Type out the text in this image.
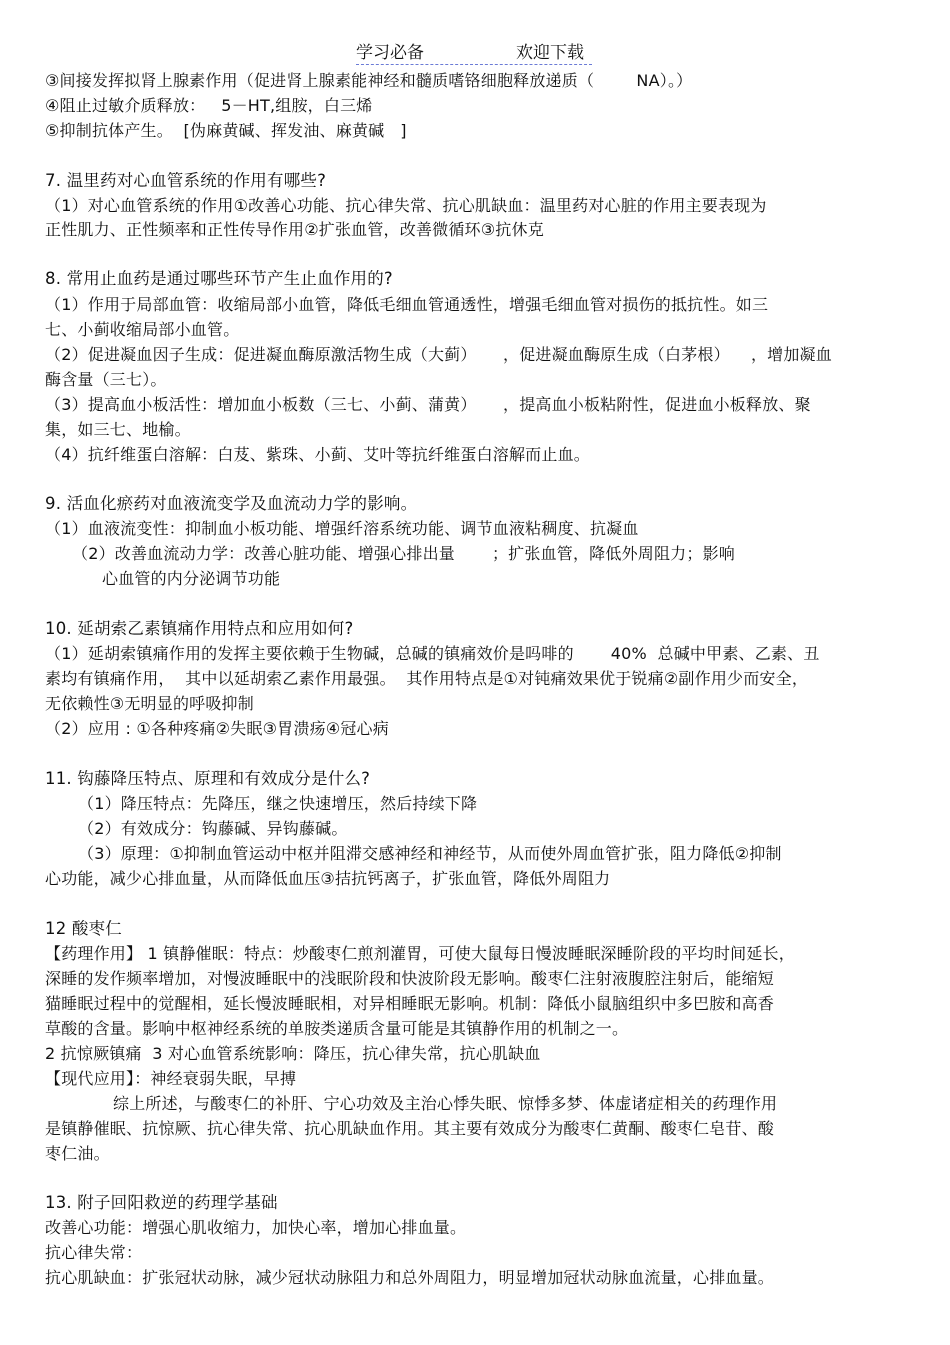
学习必备	欢迎下载
③间接发挥拟肾上腺素作用（促进肾上腺素能神经和髓质嗜铬细胞释放递质（        NA）。）
④阻止过敏介质释放：   5－HT,组胺，白三烯
⑤抑制抗体产生。  [伪麻黄碱、挥发油、麻黄碱   ]
7. 温里药对心血管系统的作用有哪些?
（1）对心血管系统的作用①改善心功能、抗心律失常、抗心肌缺血：温里药对心脏的作用主要表现为
正性肌力、正性频率和正性传导作用②扩张血管，改善微循环③抗休克
8. 常用止血药是通过哪些环节产生止血作用的?
（1）作用于局部血管：收缩局部小血管，降低毛细血管通透性，增强毛细血管对损伤的抵抗性。如三
七、小蓟收缩局部小血管。
（2）促进凝血因子生成：促进凝血酶原激活物生成（大蓟）     ，促进凝血酶原生成（白茅根）    ，增加凝血
酶含量（三七）。
（3）提高血小板活性：增加血小板数（三七、小蓟、蒲黄）     ，提高血小板粘附性，促进血小板释放、聚
集，如三七、地榆。
（4）抗纤维蛋白溶解：白芨、紫珠、小蓟、艾叶等抗纤维蛋白溶解而止血。
9. 活血化瘀药对血液流变学及血流动力学的影响。
（1）血液流变性：抑制血小板功能、增强纤溶系统功能、调节血液粘稠度、抗凝血
（2）改善血流动力学：改善心脏功能、增强心排出量       ；扩张血管，降低外周阻力；影响
心血管的内分泌调节功能
10. 延胡索乙素镇痛作用特点和应用如何?
（1）延胡索镇痛作用的发挥主要依赖于生物碱，总碱的镇痛效价是吗啡的       40%  总碱中甲素、乙素、丑
素均有镇痛作用，  其中以延胡索乙素作用最强。  其作用特点是①对钝痛效果优于锐痛②副作用少而安全，
无依赖性③无明显的呼吸抑制
（2）应用 : ①各种疼痛②失眠③胃溃疡④冠心病
11. 钩藤降压特点、原理和有效成分是什么?
（1）降压特点：先降压，继之快速增压，然后持续下降
（2）有效成分：钩藤碱、异钩藤碱。
（3）原理：①抑制血管运动中枢并阻滞交感神经和神经节，从而使外周血管扩张，阻力降低②抑制
心功能，减少心排血量，从而降低血压③拮抗钙离子，扩张血管，降低外周阻力
12 酸枣仁
【药理作用】 1 镇静催眠：特点：炒酸枣仁煎剂灌胃，可使大鼠每日慢波睡眠深睡阶段的平均时间延长，
深睡的发作频率增加，对慢波睡眠中的浅眠阶段和快波阶段无影响。酸枣仁注射液腹腔注射后，能缩短
猫睡眠过程中的觉醒相，延长慢波睡眠相，对异相睡眠无影响。机制：降低小鼠脑组织中多巴胺和高香
草酸的含量。影响中枢神经系统的单胺类递质含量可能是其镇静作用的机制之一。
2 抗惊厥镇痛  3 对心血管系统影响：降压，抗心律失常，抗心肌缺血
【现代应用】：神经衰弱失眠，早搏
综上所述，与酸枣仁的补肝、宁心功效及主治心悸失眠、惊悸多梦、体虚诸症相关的药理作用
是镇静催眠、抗惊厥、抗心律失常、抗心肌缺血作用。其主要有效成分为酸枣仁黄酮、酸枣仁皂苷、酸
枣仁油。
13. 附子回阳救逆的药理学基础
改善心功能：增强心肌收缩力，加快心率，增加心排血量。
抗心律失常：
抗心肌缺血：扩张冠状动脉，减少冠状动脉阻力和总外周阻力，明显增加冠状动脉血流量，心排血量。
